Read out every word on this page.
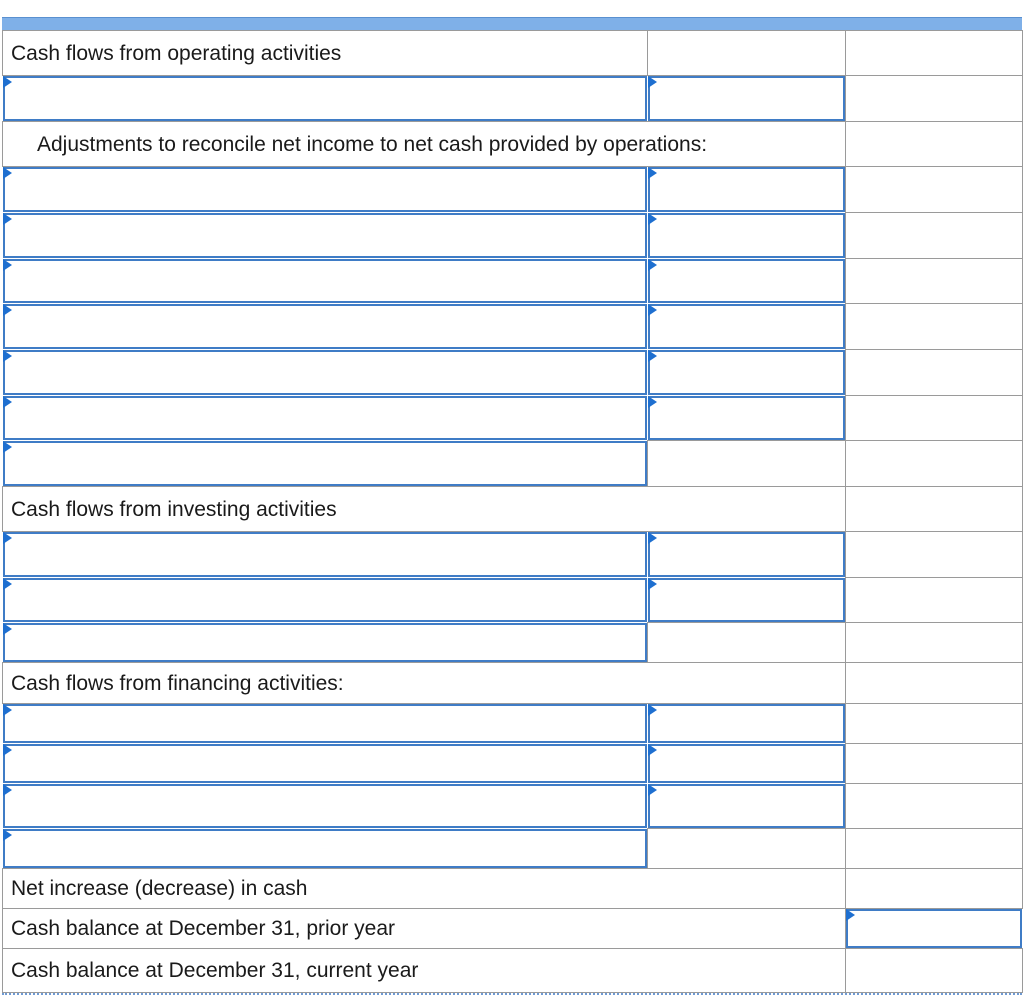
Cash flows from operating activities
Adjustments to reconcile net income to net cash provided by operations:
Cash flows from investing activities
Cash flows from financing activities:
Net increase (decrease) in cash
Cash balance at December 31, prior year
Cash balance at December 31, current year
